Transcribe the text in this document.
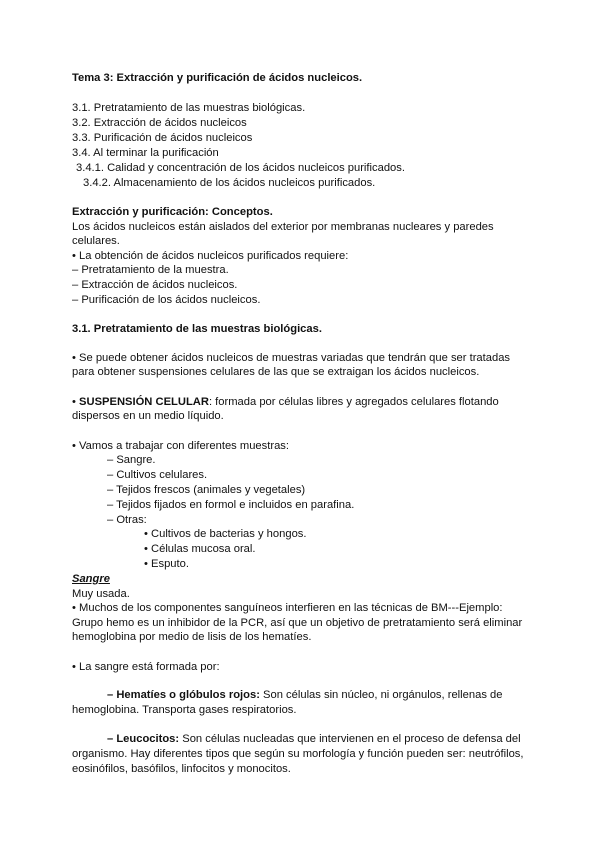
Tema 3: Extracción y purificación de ácidos nucleicos.
3.1. Pretratamiento de las muestras biológicas.
3.2. Extracción de ácidos nucleicos
3.3. Purificación de ácidos nucleicos
3.4. Al terminar la purificación
3.4.1. Calidad y concentración de los ácidos nucleicos purificados.
3.4.2. Almacenamiento de los ácidos nucleicos purificados.
Extracción y purificación: Conceptos.
Los ácidos nucleicos están aislados del exterior por membranas nucleares y paredes
celulares.
• La obtención de ácidos nucleicos purificados requiere:
– Pretratamiento de la muestra.
– Extracción de ácidos nucleicos.
– Purificación de los ácidos nucleicos.
3.1. Pretratamiento de las muestras biológicas.
• Se puede obtener ácidos nucleicos de muestras variadas que tendrán que ser tratadas
para obtener suspensiones celulares de las que se extraigan los ácidos nucleicos.
• SUSPENSIÓN CELULAR: formada por células libres y agregados celulares flotando
dispersos en un medio líquido.
• Vamos a trabajar con diferentes muestras:
– Sangre.
– Cultivos celulares.
– Tejidos frescos (animales y vegetales)
– Tejidos fijados en formol e incluidos en parafina.
– Otras:
• Cultivos de bacterias y hongos.
• Células mucosa oral.
• Esputo.
Sangre
Muy usada.
• Muchos de los componentes sanguíneos interfieren en las técnicas de BM---Ejemplo:
Grupo hemo es un inhibidor de la PCR, así que un objetivo de pretratamiento será eliminar
hemoglobina por medio de lisis de los hematíes.
• La sangre está formada por:
– Hematíes o glóbulos rojos: Son células sin núcleo, ni orgánulos, rellenas de
hemoglobina. Transporta gases respiratorios.
– Leucocitos: Son células nucleadas que intervienen en el proceso de defensa del
organismo. Hay diferentes tipos que según su morfología y función pueden ser: neutrófilos,
eosinófilos, basófilos, linfocitos y monocitos.
